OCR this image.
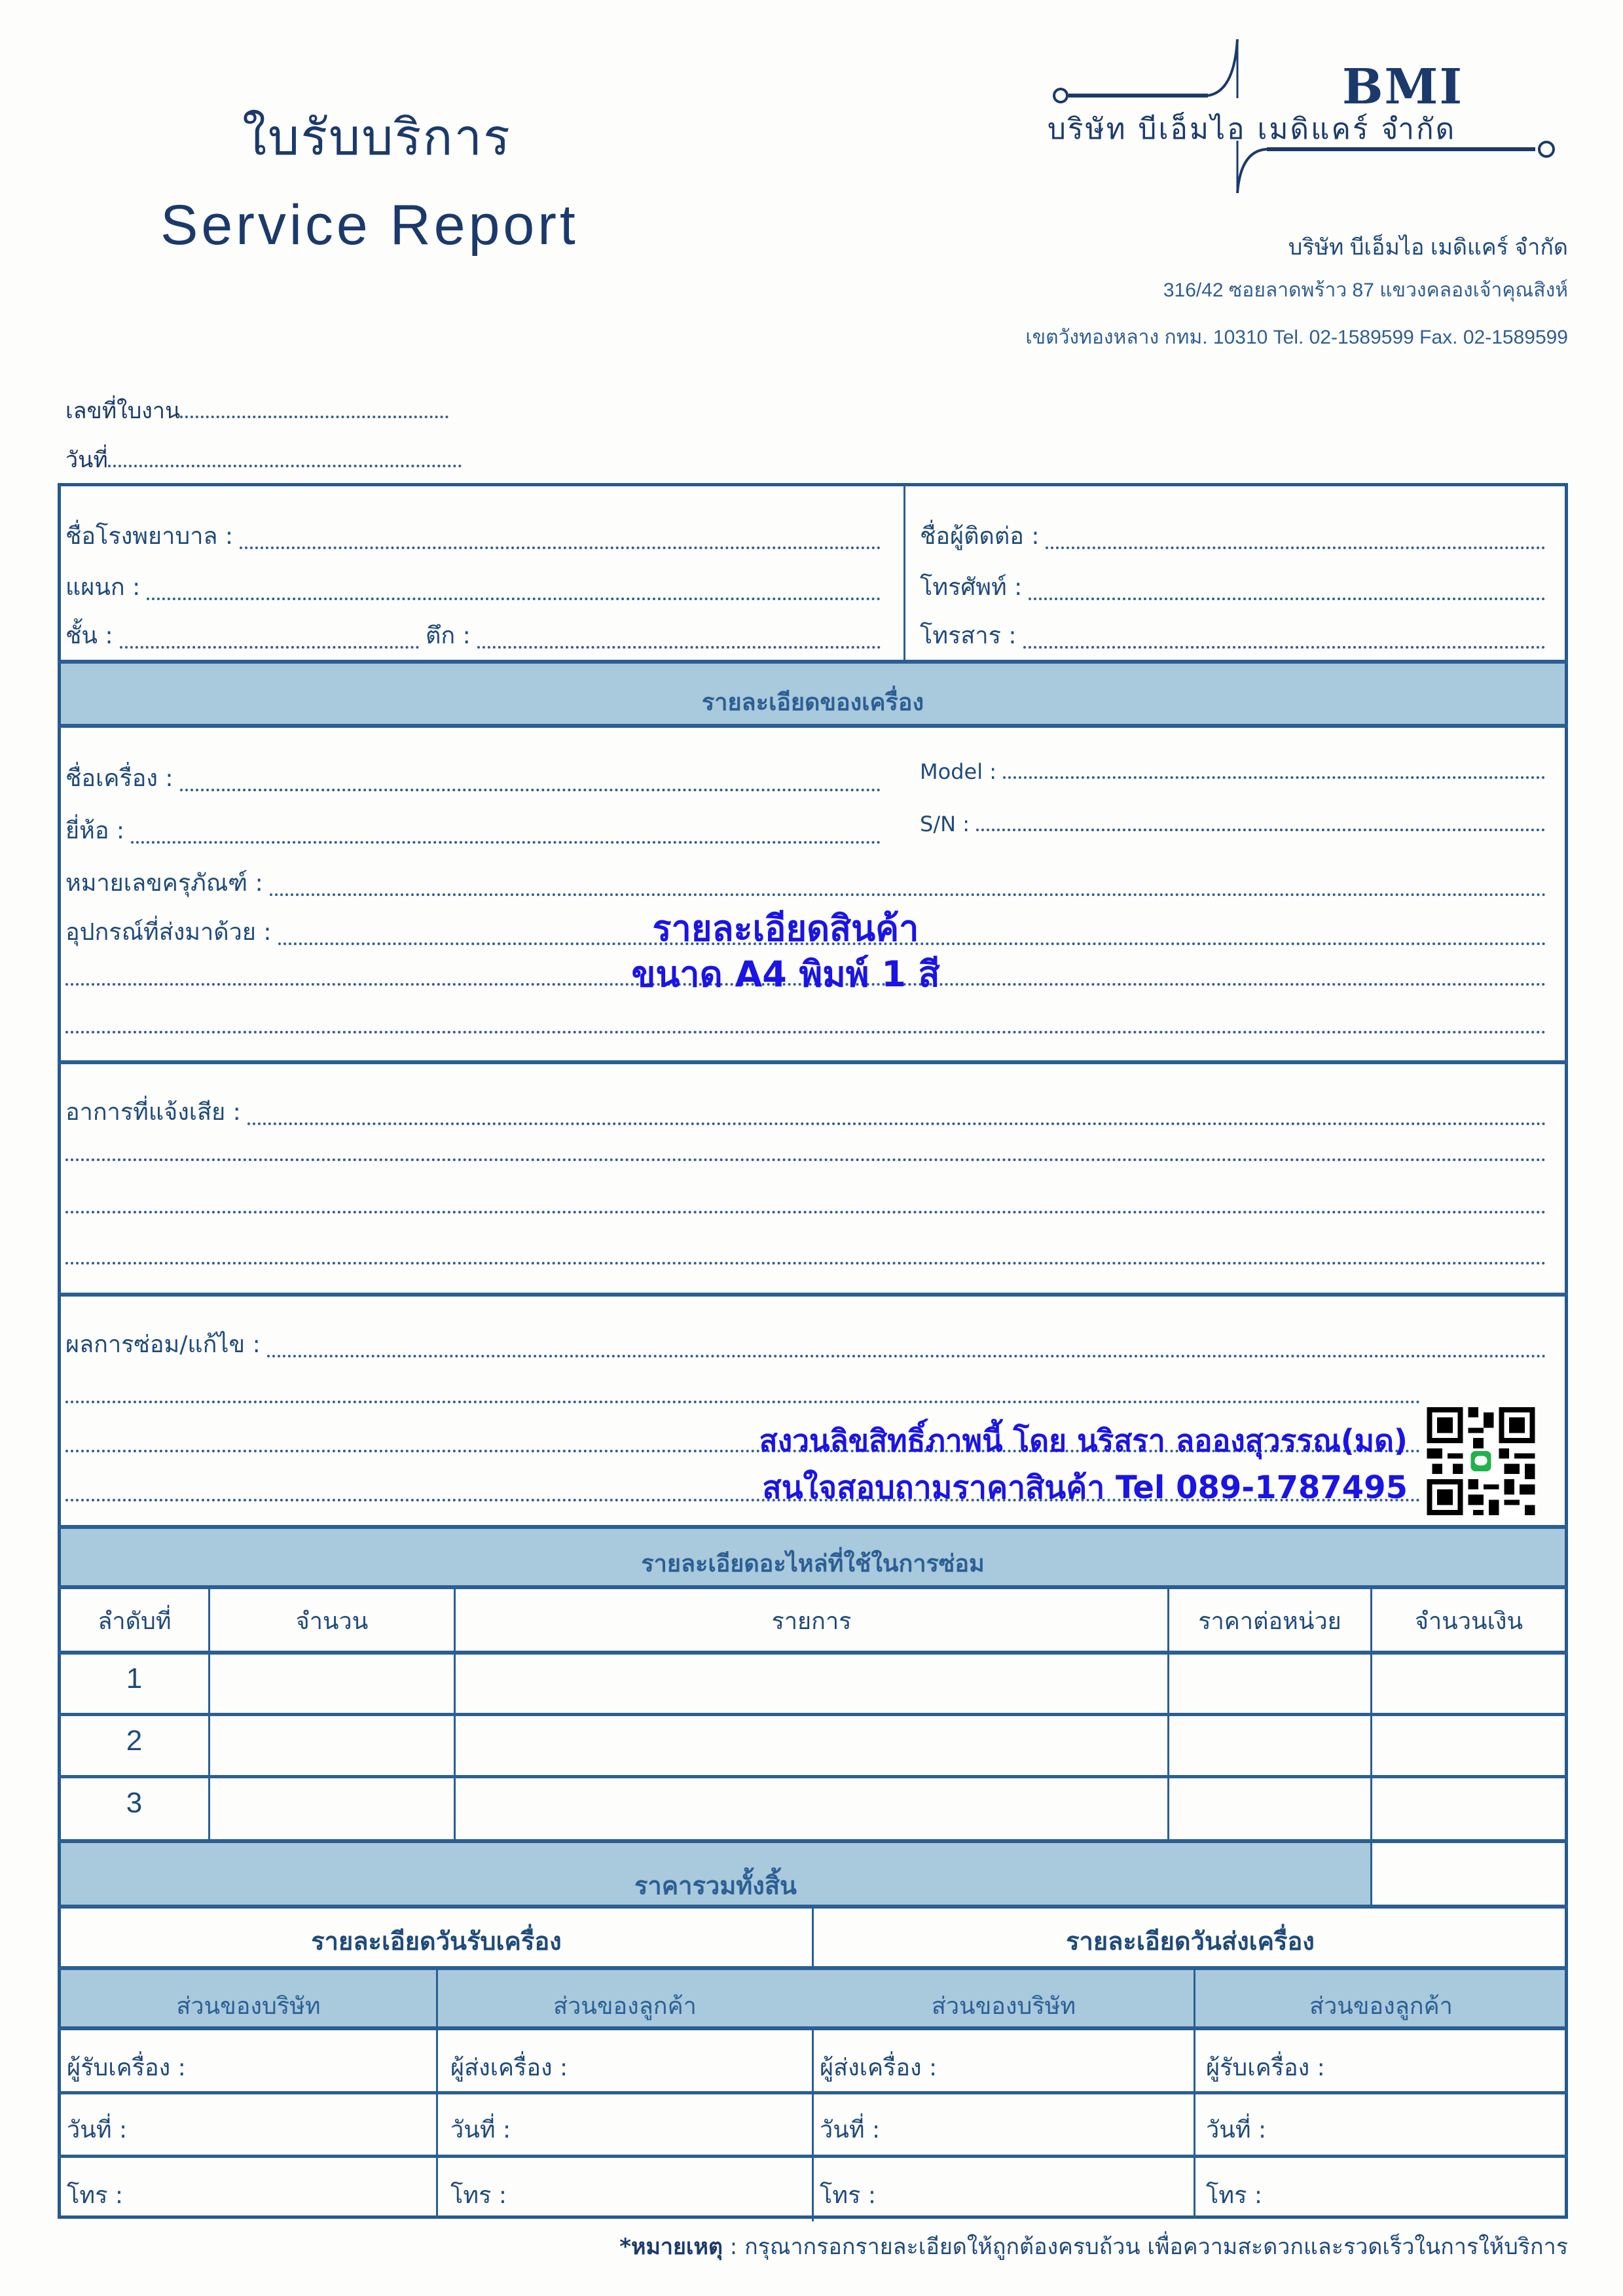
ใบรับบริการ
Service Report
BMI
บริษัท บีเอ็มไอ เมดิแคร์ จำกัด
บริษัท บีเอ็มไอ เมดิแคร์ จำกัด
316/42 ซอยลาดพร้าว 87 แขวงคลองเจ้าคุณสิงห์
เขตวังทองหลาง กทม. 10310 Tel. 02-1589599 Fax. 02-1589599
เลขที่ใบงาน
วันที่
ชื่อโรงพยาบาล :
แผนก :
ชั้น :	ตึก :
ชื่อผู้ติดต่อ :
โทรศัพท์ :
โทรสาร :
รายละเอียดของเครื่อง
ชื่อเครื่อง :	Model :
ยี่ห้อ :	S/N :
หมายเลขครุภัณฑ์ :
อุปกรณ์ที่ส่งมาด้วย :	รายละเอียดสินค้า
ขนาด A4 พิมพ์ 1 สี
อาการที่แจ้งเสีย :
ผลการซ่อม/แก้ไข :
สงวนลิขสิทธิ์ภาพนี้ โดย นริสรา ลอองสุวรรณ(มด)
สนใจสอบถามราคาสินค้า Tel 089-1787495
รายละเอียดอะไหล่ที่ใช้ในการซ่อม
ลำดับที่	จำนวน	รายการ	ราคาต่อหน่วย	จำนวนเงิน
1
2
3
ราคารวมทั้งสิ้น
รายละเอียดวันรับเครื่อง	รายละเอียดวันส่งเครื่อง
ส่วนของบริษัท	ส่วนของลูกค้า	ส่วนของบริษัท	ส่วนของลูกค้า
ผู้รับเครื่อง :	ผู้ส่งเครื่อง :	ผู้ส่งเครื่อง :	ผู้รับเครื่อง :
วันที่ :	วันที่ :	วันที่ :	วันที่ :
โทร :	โทร :	โทร :	โทร :
*หมายเหตุ : กรุณากรอกรายละเอียดให้ถูกต้องครบถ้วน เพื่อความสะดวกและรวดเร็วในการให้บริการ
